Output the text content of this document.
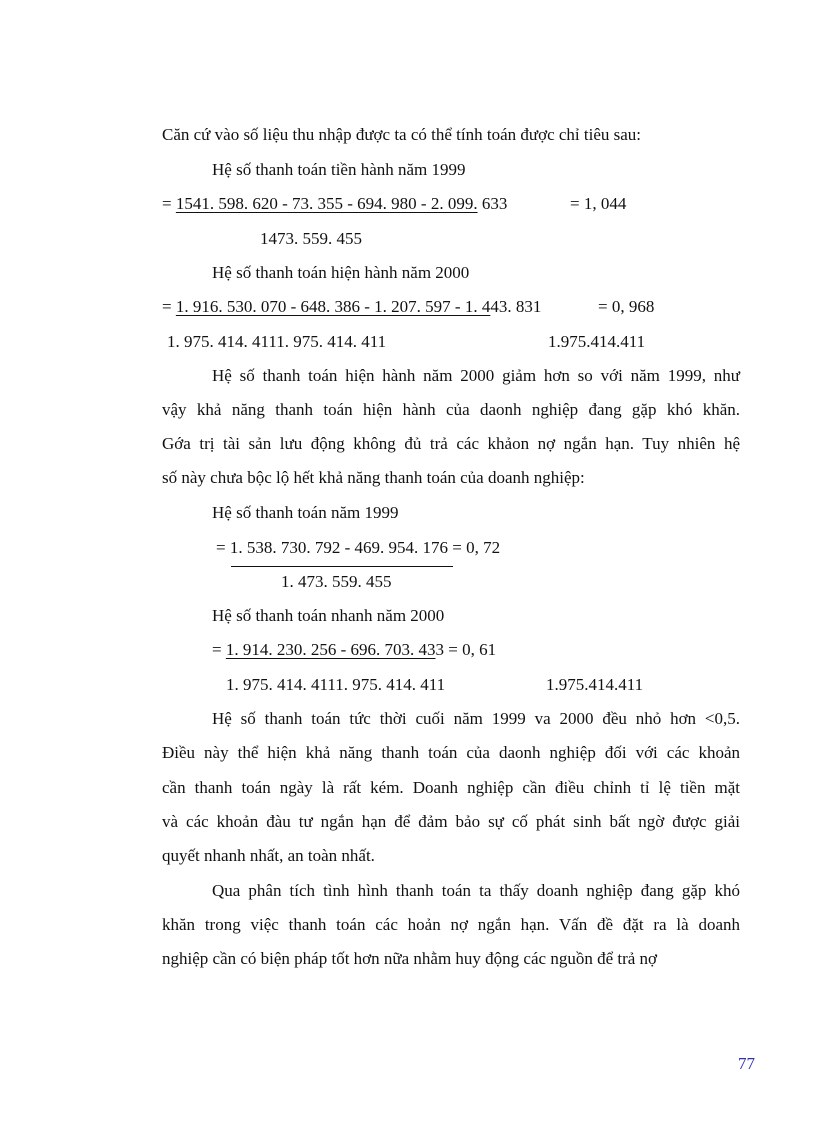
Căn cứ vào số liệu thu nhập được ta có thể tính toán được chỉ tiêu sau:
Hệ số thanh toán tiền hành năm 1999
= 1541. 598. 620 - 73. 355 - 694. 980 - 2. 099. 633	= 1, 044
1473. 559. 455
Hệ số thanh toán hiện hành năm 2000
= 1. 916. 530. 070 - 648. 386 - 1. 207. 597 - 1. 443. 831	= 0, 968
1. 975. 414. 4111. 975. 414. 411	1.975.414.411
Hệ số thanh toán hiện hành năm 2000 giảm hơn so với năm 1999, như
vậy khả năng thanh toán hiện hành của daonh nghiệp đang gặp khó khăn.
Gớa trị tài sản lưu động không đủ trả các khảon nợ ngắn hạn. Tuy nhiên hệ
số này chưa bộc lộ hết khả năng thanh toán của doanh nghiệp:
Hệ số thanh toán năm 1999
= 1. 538. 730. 792 - 469. 954. 176 = 0, 72
1. 473. 559. 455
Hệ số thanh toán nhanh năm 2000
= 1. 914. 230. 256 - 696. 703. 433 = 0, 61
1. 975. 414. 4111. 975. 414. 411	1.975.414.411
Hệ số thanh toán tức thời cuối năm 1999 va 2000 đều nhỏ hơn <0,5.
Điều này thể hiện khả năng thanh toán của daonh nghiệp đối với các khoản
cần thanh toán ngày là rất kém. Doanh nghiệp cần điều chỉnh tỉ lệ tiền mặt
và các khoản đàu tư ngắn hạn để đảm bảo sự cố phát sinh bất ngờ được giải
quyết nhanh nhất, an toàn nhất.
Qua phân tích tình hình thanh toán ta thấy doanh nghiệp đang gặp khó
khăn trong việc thanh toán các hoản nợ ngắn hạn. Vấn đề đặt ra là doanh
nghiệp cần có biện pháp tốt hơn nữa nhằm huy động các nguồn để trả nợ
77
